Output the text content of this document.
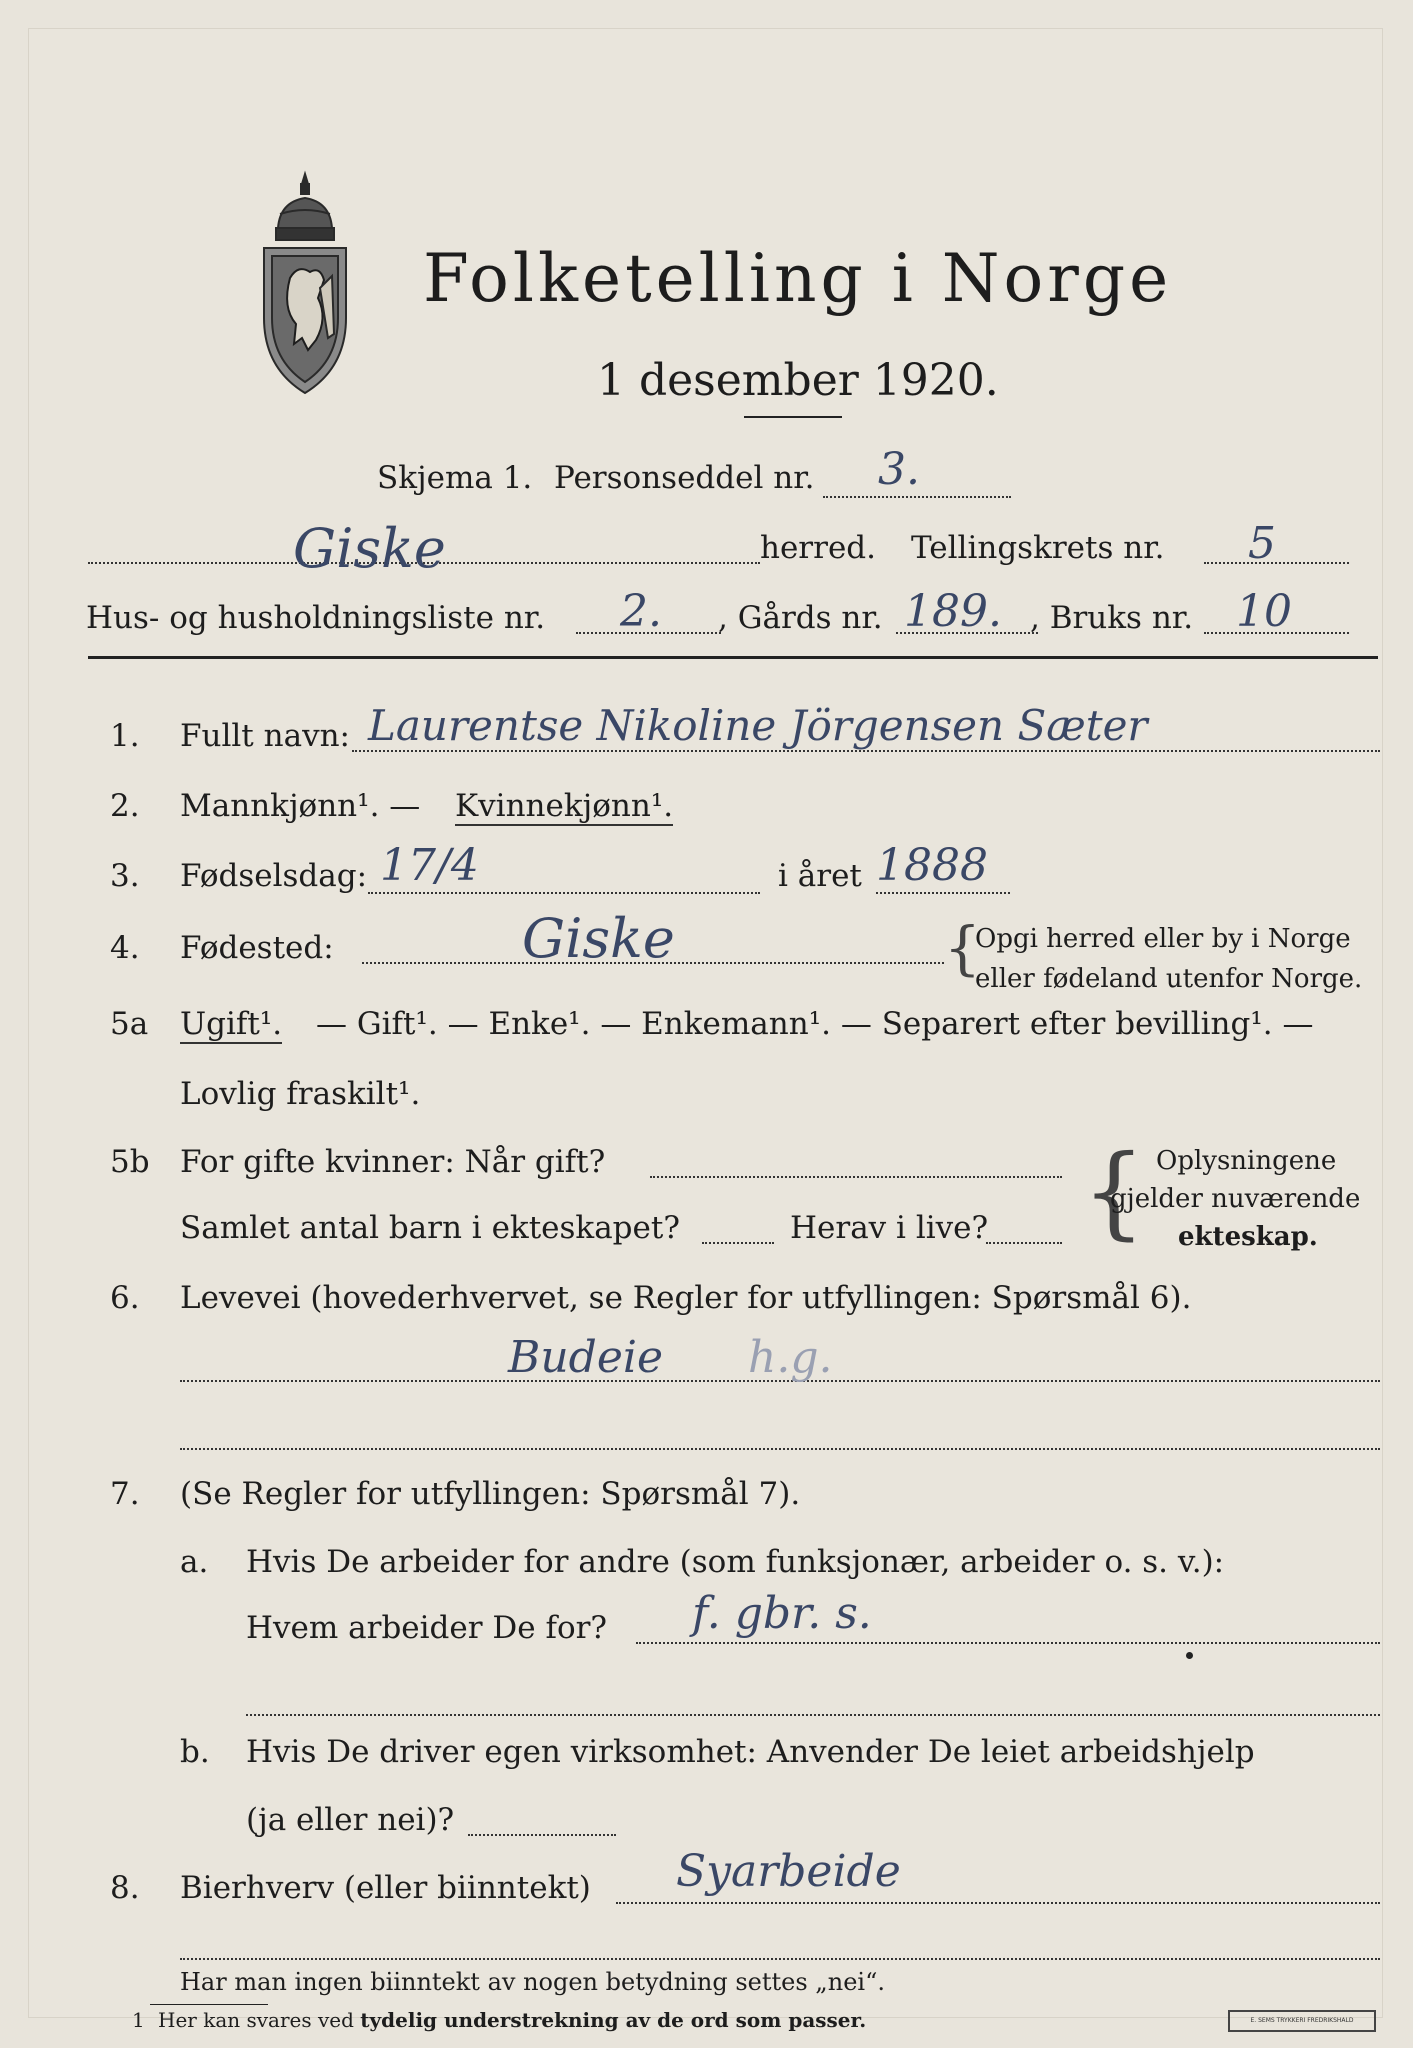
Folketelling i Norge
1 desember 1920.
Skjema 1. Personseddel nr. 3.
Giske	herred. Tellingskrets nr. 5
Hus- og husholdningsliste nr. 2. , Gårds nr. 189. , Bruks nr. 10
1. Fullt navn: Laurentse Nikoline Jörgensen Sæter
2. Mannkjønn¹. — Kvinnekjønn¹.
3. Fødselsdag: 17/4	i året 1888
4. Fødested:	Giske	{
Opgi herred eller by i Norge
eller fødeland utenfor Norge.
5a Ugift¹. — Gift¹. — Enke¹. — Enkemann¹. — Separert efter bevilling¹. —
Lovlig fraskilt¹.
5b For gifte kvinner: Når gift?
Samlet antal barn i ekteskapet?	Herav i live? { Oplysningene
gjelder nuværende
ekteskap.
6. Levevei (hovederhvervet, se Regler for utfyllingen: Spørsmål 6).
Budeie h.g.
7. (Se Regler for utfyllingen: Spørsmål 7).
a. Hvis De arbeider for andre (som funksjonær, arbeider o. s. v.):
Hvem arbeider De for? f. gbr. s.
b. Hvis De driver egen virksomhet: Anvender De leiet arbeidshjelp
(ja eller nei)?
8. Bierhverv (eller biinntekt) Syarbeide
Har man ingen biinntekt av nogen betydning settes „nei“.
1 Her kan svares ved tydelig understrekning av de ord som passer.	E. SEMS TRYKKERI FREDRIKSHALD
